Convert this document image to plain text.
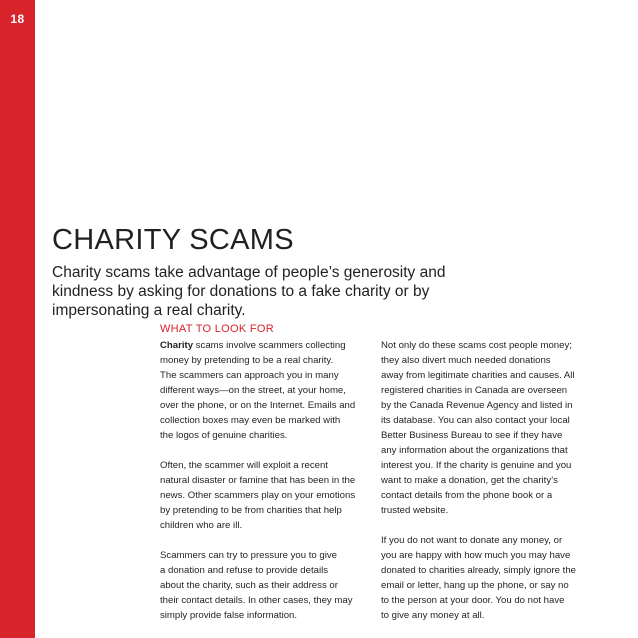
18
CHARITY SCAMS
Charity scams take advantage of people’s generosity and
kindness by asking for donations to a fake charity or by
impersonating a real charity.
WHAT TO LOOK FOR
Charity scams involve scammers collecting
money by pretending to be a real charity.
The scammers can approach you in many
different ways—on the street, at your home,
over the phone, or on the Internet. Emails and
collection boxes may even be marked with
the logos of genuine charities.
Often, the scammer will exploit a recent
natural disaster or famine that has been in the
news. Other scammers play on your emotions
by pretending to be from charities that help
children who are ill.
Scammers can try to pressure you to give
a donation and refuse to provide details
about the charity, such as their address or
their contact details. In other cases, they may
simply provide false information.
Not only do these scams cost people money;
they also divert much needed donations
away from legitimate charities and causes. All
registered charities in Canada are overseen
by the Canada Revenue Agency and listed in
its database. You can also contact your local
Better Business Bureau to see if they have
any information about the organizations that
interest you. If the charity is genuine and you
want to make a donation, get the charity’s
contact details from the phone book or a
trusted website.
If you do not want to donate any money, or
you are happy with how much you may have
donated to charities already, simply ignore the
email or letter, hang up the phone, or say no
to the person at your door. You do not have
to give any money at all.
